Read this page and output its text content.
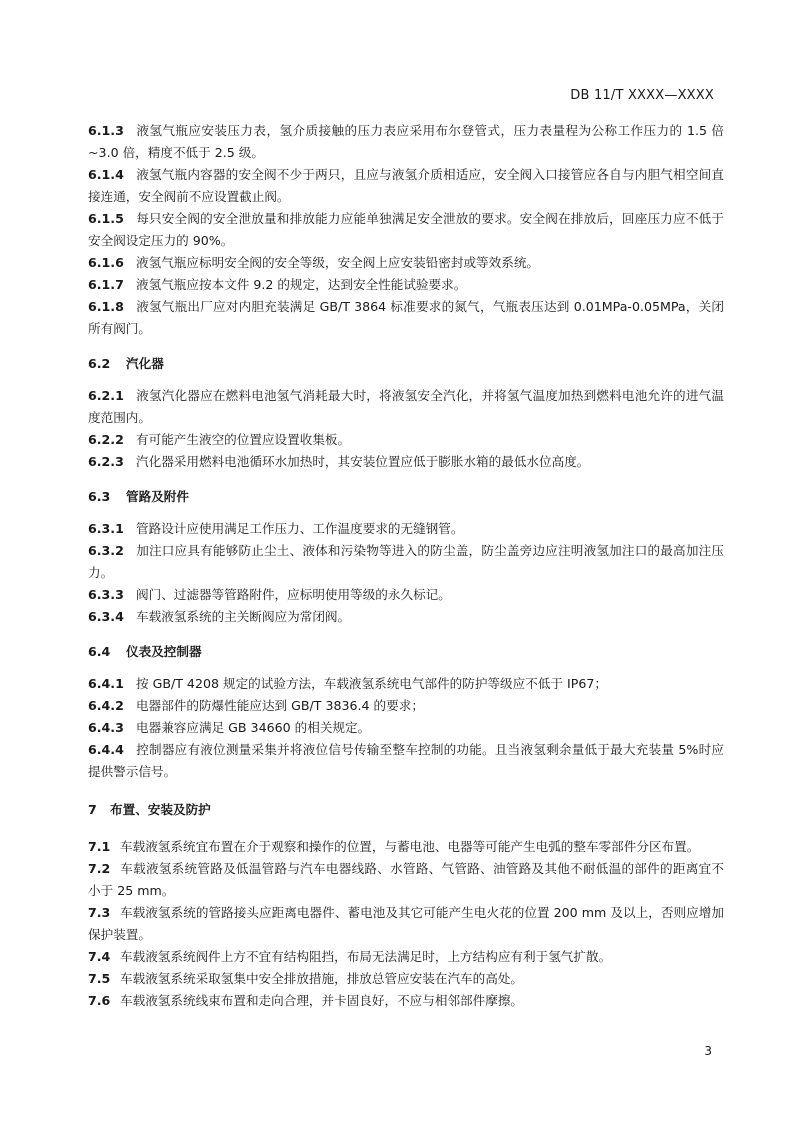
DB 11/T XXXX—XXXX

6.1.3 液氢气瓶应安装压力表，氢介质接触的压力表应采用布尔登管式，压力表量程为公称工作压力的 1.5 倍~3.0 倍，精度不低于 2.5 级。

6.1.4 液氢气瓶内容器的安全阀不少于两只，且应与液氢介质相适应，安全阀入口接管应各自与内胆气相空间直接连通，安全阀前不应设置截止阀。

6.1.5 每只安全阀的安全泄放量和排放能力应能单独满足安全泄放的要求。安全阀在排放后，回座压力应不低于安全阀设定压力的 90%。

6.1.6 液氢气瓶应标明安全阀的安全等级，安全阀上应安装铅密封或等效系统。

6.1.7 液氢气瓶应按本文件 9.2 的规定，达到安全性能试验要求。

6.1.8 液氢气瓶出厂应对内胆充装满足 GB/T 3864 标准要求的氮气，气瓶表压达到 0.01MPa-0.05MPa，关闭所有阀门。

6.2 汽化器

6.2.1 液氢汽化器应在燃料电池氢气消耗最大时，将液氢安全汽化，并将氢气温度加热到燃料电池允许的进气温度范围内。

6.2.2 有可能产生液空的位置应设置收集板。

6.2.3 汽化器采用燃料电池循环水加热时，其安装位置应低于膨胀水箱的最低水位高度。

6.3 管路及附件

6.3.1 管路设计应使用满足工作压力、工作温度要求的无缝钢管。

6.3.2 加注口应具有能够防止尘土、液体和污染物等进入的防尘盖，防尘盖旁边应注明液氢加注口的最高加注压力。

6.3.3 阀门、过滤器等管路附件，应标明使用等级的永久标记。

6.3.4 车载液氢系统的主关断阀应为常闭阀。

6.4 仪表及控制器

6.4.1 按 GB/T 4208 规定的试验方法，车载液氢系统电气部件的防护等级应不低于 IP67；

6.4.2 电器部件的防爆性能应达到 GB/T 3836.4 的要求；

6.4.3 电器兼容应满足 GB 34660 的相关规定。

6.4.4 控制器应有液位测量采集并将液位信号传输至整车控制的功能。且当液氢剩余量低于最大充装量 5%时应提供警示信号。

7 布置、安装及防护

7.1 车载液氢系统宜布置在介于观察和操作的位置，与蓄电池、电器等可能产生电弧的整车零部件分区布置。

7.2 车载液氢系统管路及低温管路与汽车电器线路、水管路、气管路、油管路及其他不耐低温的部件的距离宜不小于 25 mm。

7.3 车载液氢系统的管路接头应距离电器件、蓄电池及其它可能产生电火花的位置 200 mm 及以上，否则应增加保护装置。

7.4 车载液氢系统阀件上方不宜有结构阻挡，布局无法满足时，上方结构应有利于氢气扩散。

7.5 车载液氢系统采取氢集中安全排放措施，排放总管应安装在汽车的高处。

7.6 车载液氢系统线束布置和走向合理，并卡固良好，不应与相邻部件摩擦。

3
